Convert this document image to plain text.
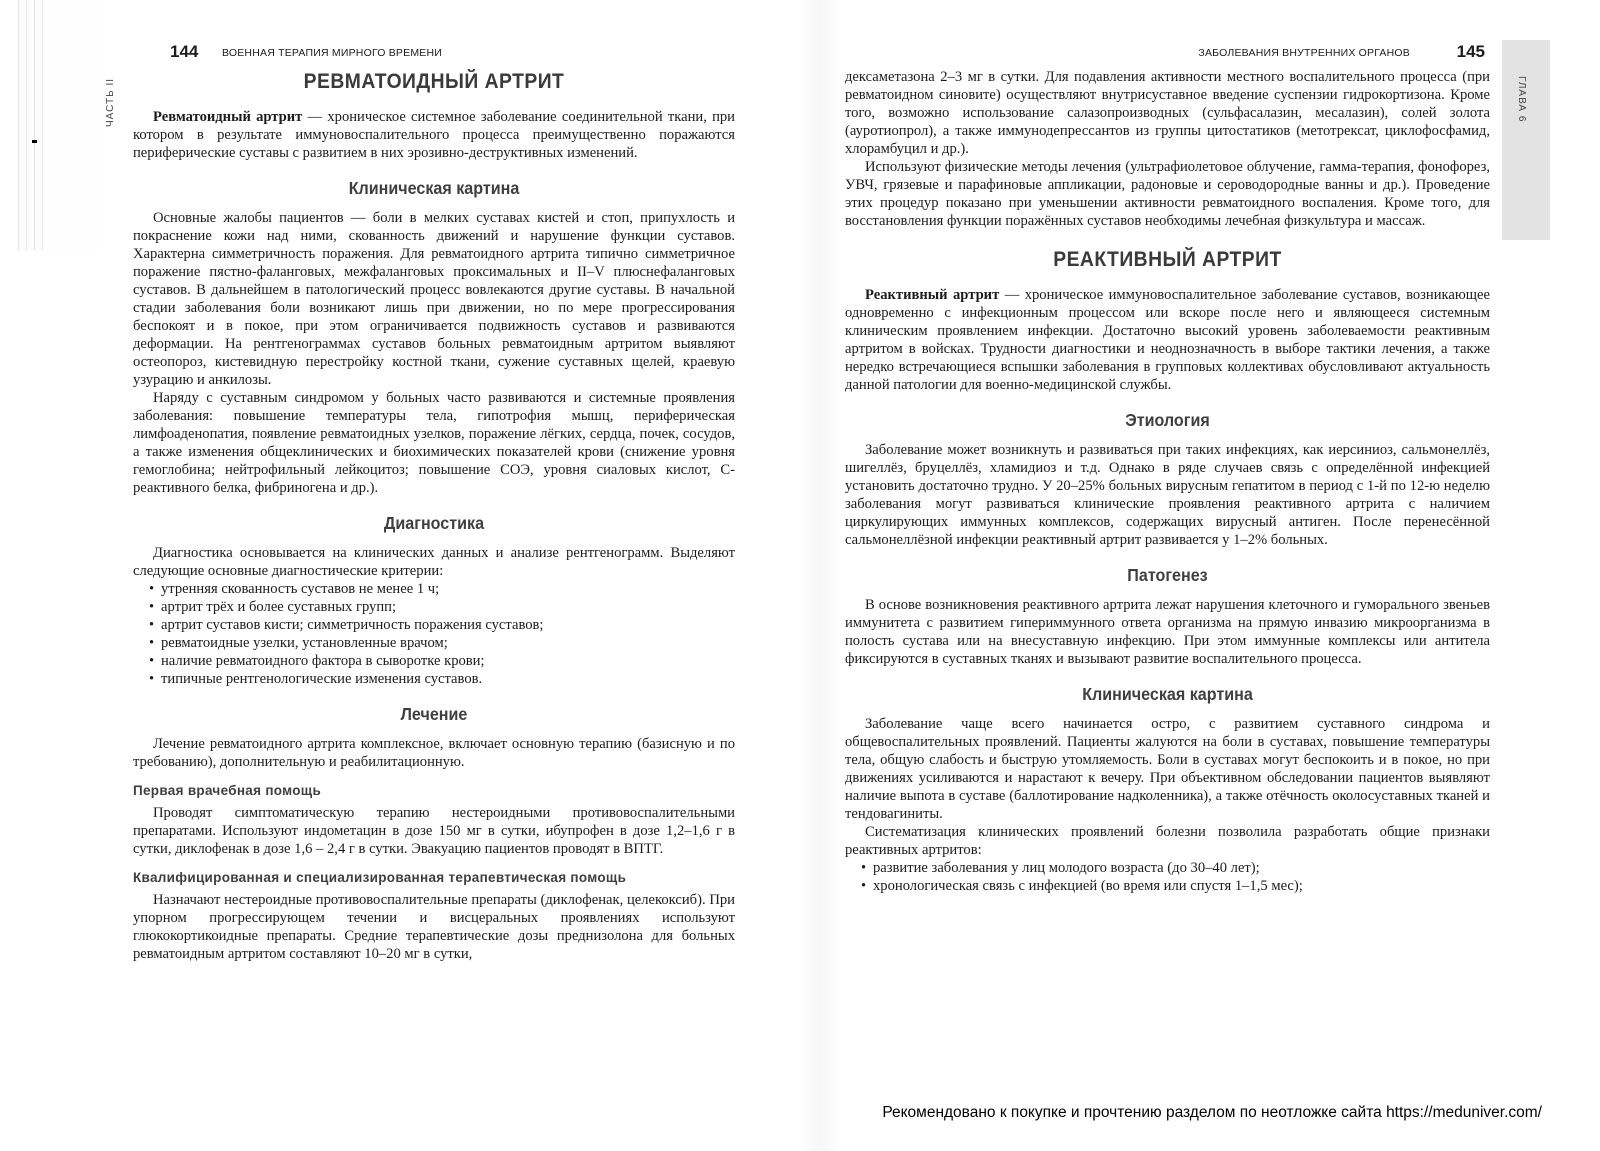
ЧАСТЬ II	ГЛАВА 6
144 ВОЕННАЯ ТЕРАПИЯ МИРНОГО ВРЕМЕНИ
РЕВМАТОИДНЫЙ АРТРИТ

Ревматоидный артрит — хроническое системное заболевание соединительной ткани, при котором в результате иммуновоспалительного процесса преимущественно поражаются периферические суставы с развитием в них эрозивно-деструктивных изменений.

Клиническая картина

Основные жалобы пациентов — боли в мелких суставах кистей и стоп, припухлость и покраснение кожи над ними, скованность движений и нарушение функции суставов. Характерна симметричность поражения. Для ревматоидного артрита типично симметричное поражение пястно-фаланговых, межфаланговых проксимальных и II–V плюснефаланговых суставов. В дальнейшем в патологический процесс вовлекаются другие суставы. В начальной стадии заболевания боли возникают лишь при движении, но по мере прогрессирования беспокоят и в покое, при этом ограничивается подвижность суставов и развиваются деформации. На рентгенограммах суставов больных ревматоидным артритом выявляют остеопороз, кистевидную перестройку костной ткани, сужение суставных щелей, краевую узурацию и анкилозы.

Наряду с суставным синдромом у больных часто развиваются и системные проявления заболевания: повышение температуры тела, гипотрофия мышц, периферическая лимфоаденопатия, появление ревматоидных узелков, поражение лёгких, сердца, почек, сосудов, а также изменения общеклинических и биохимических показателей крови (снижение уровня гемоглобина; нейтрофильный лейкоцитоз; повышение СОЭ, уровня сиаловых кислот, С-реактивного белка, фибриногена и др.).

Диагностика

Диагностика основывается на клинических данных и анализе рентгенограмм. Выделяют следующие основные диагностические критерии:

• утренняя скованность суставов не менее 1 ч;
• артрит трёх и более суставных групп;
• артрит суставов кисти; симметричность поражения суставов;
• ревматоидные узелки, установленные врачом;
• наличие ревматоидного фактора в сыворотке крови;
• типичные рентгенологические изменения суставов.
Лечение

Лечение ревматоидного артрита комплексное, включает основную терапию (базисную и по требованию), дополнительную и реабилитационную.

Первая врачебная помощь

Проводят симптоматическую терапию нестероидными противовоспалительными препаратами. Используют индометацин в дозе 150 мг в сутки, ибупрофен в дозе 1,2–1,6 г в сутки, диклофенак в дозе 1,6 – 2,4 г в сутки. Эвакуацию пациентов проводят в ВПТГ.

Квалифицированная и специализированная терапевтическая помощь

Назначают нестероидные противовоспалительные препараты (диклофенак, целекоксиб). При упорном прогрессирующем течении и висцеральных проявлениях используют глюкокортикоидные препараты. Средние терапевтические дозы преднизолона для больных ревматоидным артритом составляют 10–20 мг в сутки,

ЗАБОЛЕВАНИЯ ВНУТРЕННИХ ОРГАНОВ	145

дексаметазона 2–3 мг в сутки. Для подавления активности местного воспалительного процесса (при ревматоидном синовите) осуществляют внутрисуставное введение суспензии гидрокортизона. Кроме того, возможно использование салазопроизводных (сульфасалазин, месалазин), солей золота (ауротиопрол), а также иммунодепрессантов из группы цитостатиков (метотрексат, циклофосфамид, хлорамбуцил и др.).

Используют физические методы лечения (ультрафиолетовое облучение, гамма-терапия, фонофорез, УВЧ, грязевые и парафиновые аппликации, радоновые и сероводородные ванны и др.). Проведение этих процедур показано при уменьшении активности ревматоидного воспаления. Кроме того, для восстановления функции поражённых суставов необходимы лечебная физкультура и массаж.

РЕАКТИВНЫЙ АРТРИТ

Реактивный артрит — хроническое иммуновоспалительное заболевание суставов, возникающее одновременно с инфекционным процессом или вскоре после него и являющееся системным клиническим проявлением инфекции. Достаточно высокий уровень заболеваемости реактивным артритом в войсках. Трудности диагностики и неоднозначность в выборе тактики лечения, а также нередко встречающиеся вспышки заболевания в групповых коллективах обусловливают актуальность данной патологии для военно-медицинской службы.

Этиология

Заболевание может возникнуть и развиваться при таких инфекциях, как иерсиниоз, сальмонеллёз, шигеллёз, бруцеллёз, хламидиоз и т.д. Однако в ряде случаев связь с определённой инфекцией установить достаточно трудно. У 20–25% больных вирусным гепатитом в период с 1-й по 12-ю неделю заболевания могут развиваться клинические проявления реактивного артрита с наличием циркулирующих иммунных комплексов, содержащих вирусный антиген. После перенесённой сальмонеллёзной инфекции реактивный артрит развивается у 1–2% больных.

Патогенез

В основе возникновения реактивного артрита лежат нарушения клеточного и гуморального звеньев иммунитета с развитием гипериммунного ответа организма на прямую инвазию микроорганизма в полость сустава или на внесуставную инфекцию. При этом иммунные комплексы или антитела фиксируются в суставных тканях и вызывают развитие воспалительного процесса.

Клиническая картина

Заболевание чаще всего начинается остро, с развитием суставного синдрома и общевоспалительных проявлений. Пациенты жалуются на боли в суставах, повышение температуры тела, общую слабость и быструю утомляемость. Боли в суставах могут беспокоить и в покое, но при движениях усиливаются и нарастают к вечеру. При объективном обследовании пациентов выявляют наличие выпота в суставе (баллотирование надколенника), а также отёчность околосуставных тканей и тендовагиниты.

Систематизация клинических проявлений болезни позволила разработать общие признаки реактивных артритов:

• развитие заболевания у лиц молодого возраста (до 30–40 лет);
• хронологическая связь с инфекцией (во время или спустя 1–1,5 мес);
Рекомендовано к покупке и прочтению разделом по неотложке сайта https://meduniver.com/
